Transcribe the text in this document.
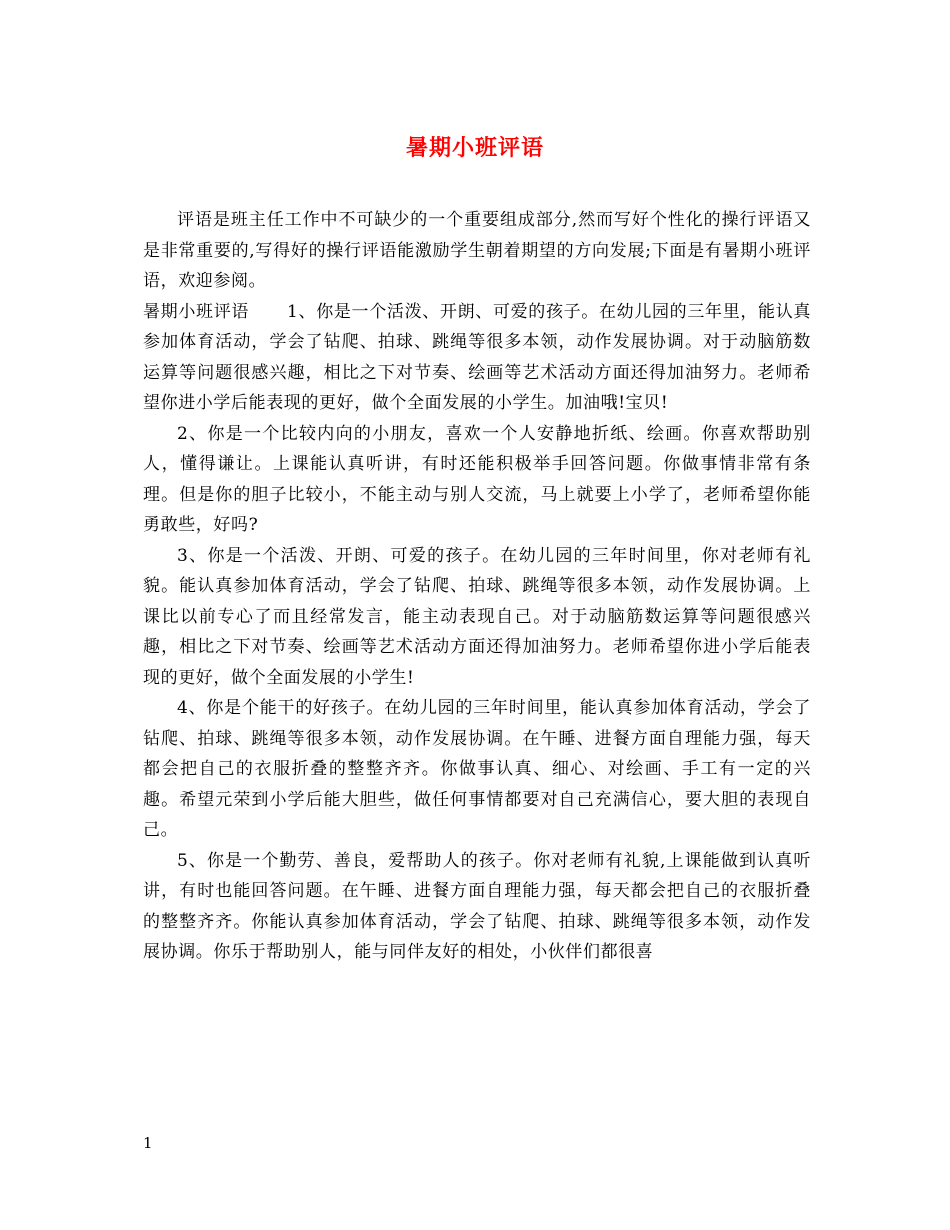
暑期小班评语

评语是班主任工作中不可缺少的一个重要组成部分,然而写好个性化的操行评语又是非常重要的,写得好的操行评语能激励学生朝着期望的方向发展;下面是有暑期小班评语，欢迎参阅。

暑期小班评语 1、你是一个活泼、开朗、可爱的孩子。在幼儿园的三年里，能认真参加体育活动，学会了钻爬、拍球、跳绳等很多本领，动作发展协调。对于动脑筋数运算等问题很感兴趣，相比之下对节奏、绘画等艺术活动方面还得加油努力。老师希望你进小学后能表现的更好，做个全面发展的小学生。加油哦!宝贝!

2、你是一个比较内向的小朋友，喜欢一个人安静地折纸、绘画。你喜欢帮助别人，懂得谦让。上课能认真听讲，有时还能积极举手回答问题。你做事情非常有条理。但是你的胆子比较小，不能主动与别人交流，马上就要上小学了，老师希望你能勇敢些，好吗?

3、你是一个活泼、开朗、可爱的孩子。在幼儿园的三年时间里，你对老师有礼貌。能认真参加体育活动，学会了钻爬、拍球、跳绳等很多本领，动作发展协调。上课比以前专心了而且经常发言，能主动表现自己。对于动脑筋数运算等问题很感兴趣，相比之下对节奏、绘画等艺术活动方面还得加油努力。老师希望你进小学后能表现的更好，做个全面发展的小学生!

4、你是个能干的好孩子。在幼儿园的三年时间里，能认真参加体育活动，学会了钻爬、拍球、跳绳等很多本领，动作发展协调。在午睡、进餐方面自理能力强，每天都会把自己的衣服折叠的整整齐齐。你做事认真、细心、对绘画、手工有一定的兴趣。希望元荣到小学后能大胆些，做任何事情都要对自己充满信心，要大胆的表现自己。

5、你是一个勤劳、善良，爱帮助人的孩子。你对老师有礼貌,上课能做到认真听讲，有时也能回答问题。在午睡、进餐方面自理能力强，每天都会把自己的衣服折叠的整整齐齐。你能认真参加体育活动，学会了钻爬、拍球、跳绳等很多本领，动作发展协调。你乐于帮助别人，能与同伴友好的相处，小伙伴们都很喜

1
